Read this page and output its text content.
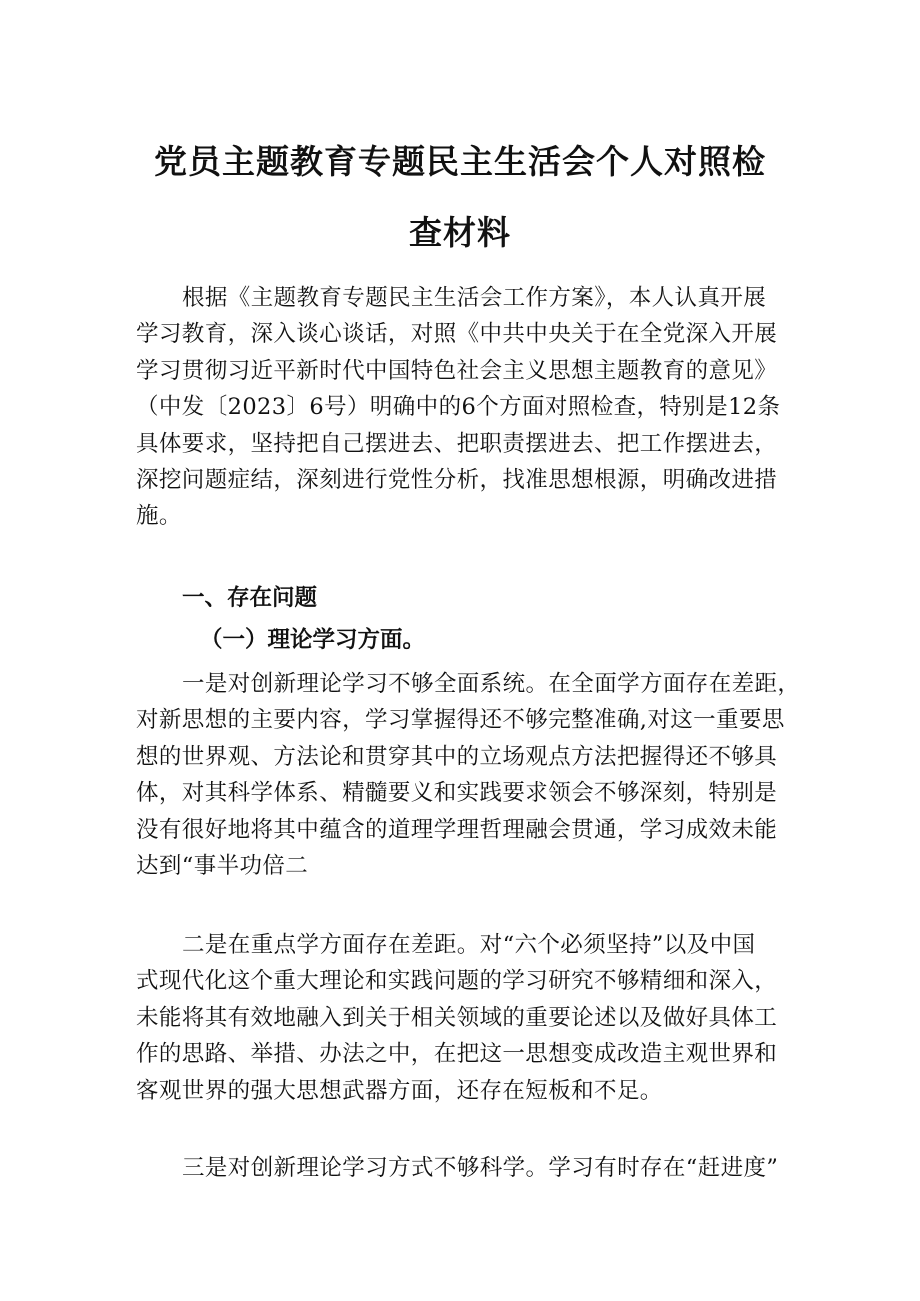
党员主题教育专题民主生活会个人对照检
查材料
根据《主题教育专题民主生活会工作方案》，本人认真开展
学习教育，深入谈心谈话，对照《中共中央关于在全党深入开展
学习贯彻习近平新时代中国特色社会主义思想主题教育的意见》
（中发〔2023〕6号）明确中的6个方面对照检查，特别是12条
具体要求，坚持把自己摆进去、把职责摆进去、把工作摆进去，
深挖问题症结，深刻进行党性分析，找准思想根源，明确改进措
施。
一、存在问题
（一）理论学习方面。
一是对创新理论学习不够全面系统。在全面学方面存在差距，
对新思想的主要内容，学习掌握得还不够完整准确,对这一重要思
想的世界观、方法论和贯穿其中的立场观点方法把握得还不够具
体，对其科学体系、精髓要义和实践要求领会不够深刻，特别是
没有很好地将其中蕴含的道理学理哲理融会贯通，学习成效未能
达到“事半功倍二
二是在重点学方面存在差距。对“六个必须坚持”以及中国
式现代化这个重大理论和实践问题的学习研究不够精细和深入，
未能将其有效地融入到关于相关领域的重要论述以及做好具体工
作的思路、举措、办法之中，在把这一思想变成改造主观世界和
客观世界的强大思想武器方面，还存在短板和不足。
三是对创新理论学习方式不够科学。学习有时存在“赶进度”
